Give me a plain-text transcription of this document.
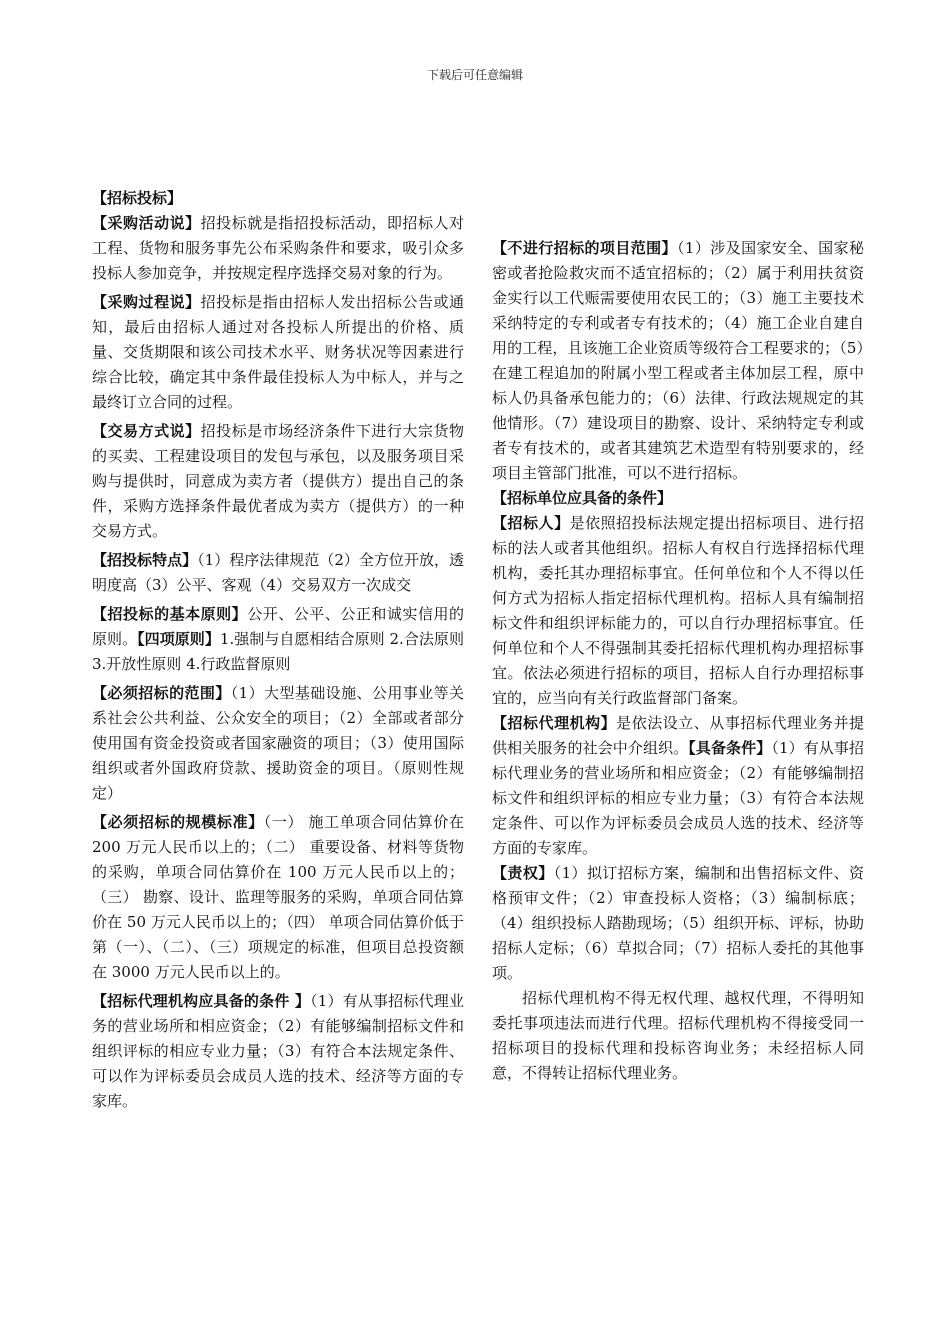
下载后可任意编辑

【招标投标】

【采购活动说】招投标就是指招投标活动，即招标人对工程、货物和服务事先公布采购条件和要求，吸引众多投标人参加竞争，并按规定程序选择交易对象的行为。

【采购过程说】招投标是指由招标人发出招标公告或通知，最后由招标人通过对各投标人所提出的价格、质量、交货期限和该公司技术水平、财务状况等因素进行综合比较，确定其中条件最佳投标人为中标人，并与之最终订立合同的过程。

【交易方式说】招投标是市场经济条件下进行大宗货物的买卖、工程建设项目的发包与承包，以及服务项目采购与提供时，同意成为卖方者（提供方）提出自己的条件，采购方选择条件最优者成为卖方（提供方）的一种交易方式。

【招投标特点】（1）程序法律规范（2）全方位开放，透明度高（3）公平、客观（4）交易双方一次成交

【招投标的基本原则】公开、公平、公正和诚实信用的原则。【四项原则】1.强制与自愿相结合原则 2.合法原则 3.开放性原则 4.行政监督原则

【必须招标的范围】（1）大型基础设施、公用事业等关系社会公共利益、公众安全的项目；（2）全部或者部分使用国有资金投资或者国家融资的项目；（3）使用国际组织或者外国政府贷款、援助资金的项目。（原则性规定）

【必须招标的规模标准】（一） 施工单项合同估算价在 200 万元人民币以上的；（二） 重要设备、材料等货物的采购，单项合同估算价在 100 万元人民币以上的；（三） 勘察、设计、监理等服务的采购，单项合同估算价在 50 万元人民币以上的；（四） 单项合同估算价低于第（一）、（二）、（三）项规定的标准，但项目总投资额在 3000 万元人民币以上的。

【招标代理机构应具备的条件 】（1）有从事招标代理业务的营业场所和相应资金；（2）有能够编制招标文件和组织评标的相应专业力量；（3）有符合本法规定条件、可以作为评标委员会成员人选的技术、经济等方面的专家库。

【不进行招标的项目范围】（1）涉及国家安全、国家秘密或者抢险救灾而不适宜招标的；（2）属于利用扶贫资金实行以工代赈需要使用农民工的；（3）施工主要技术采纳特定的专利或者专有技术的；（4）施工企业自建自用的工程，且该施工企业资质等级符合工程要求的；（5）在建工程追加的附属小型工程或者主体加层工程，原中标人仍具备承包能力的；（6）法律、行政法规规定的其他情形。（7）建设项目的勘察、设计、采纳特定专利或者专有技术的，或者其建筑艺术造型有特别要求的，经项目主管部门批准，可以不进行招标。

【招标单位应具备的条件】

【招标人】是依照招投标法规定提出招标项目、进行招标的法人或者其他组织。招标人有权自行选择招标代理机构，委托其办理招标事宜。任何单位和个人不得以任何方式为招标人指定招标代理机构。招标人具有编制招标文件和组织评标能力的，可以自行办理招标事宜。任何单位和个人不得强制其委托招标代理机构办理招标事宜。依法必须进行招标的项目，招标人自行办理招标事宜的，应当向有关行政监督部门备案。

【招标代理机构】是依法设立、从事招标代理业务并提供相关服务的社会中介组织。【具备条件】（1）有从事招标代理业务的营业场所和相应资金；（2）有能够编制招标文件和组织评标的相应专业力量；（3）有符合本法规定条件、可以作为评标委员会成员人选的技术、经济等方面的专家库。

【责权】（1）拟订招标方案，编制和出售招标文件、资格预审文件；（2）审查投标人资格；（3）编制标底；（4）组织投标人踏勘现场；（5）组织开标、评标，协助招标人定标；（6）草拟合同；（7）招标人委托的其他事项。

招标代理机构不得无权代理、越权代理，不得明知委托事项违法而进行代理。招标代理机构不得接受同一招标项目的投标代理和投标咨询业务；未经招标人同意，不得转让招标代理业务。
